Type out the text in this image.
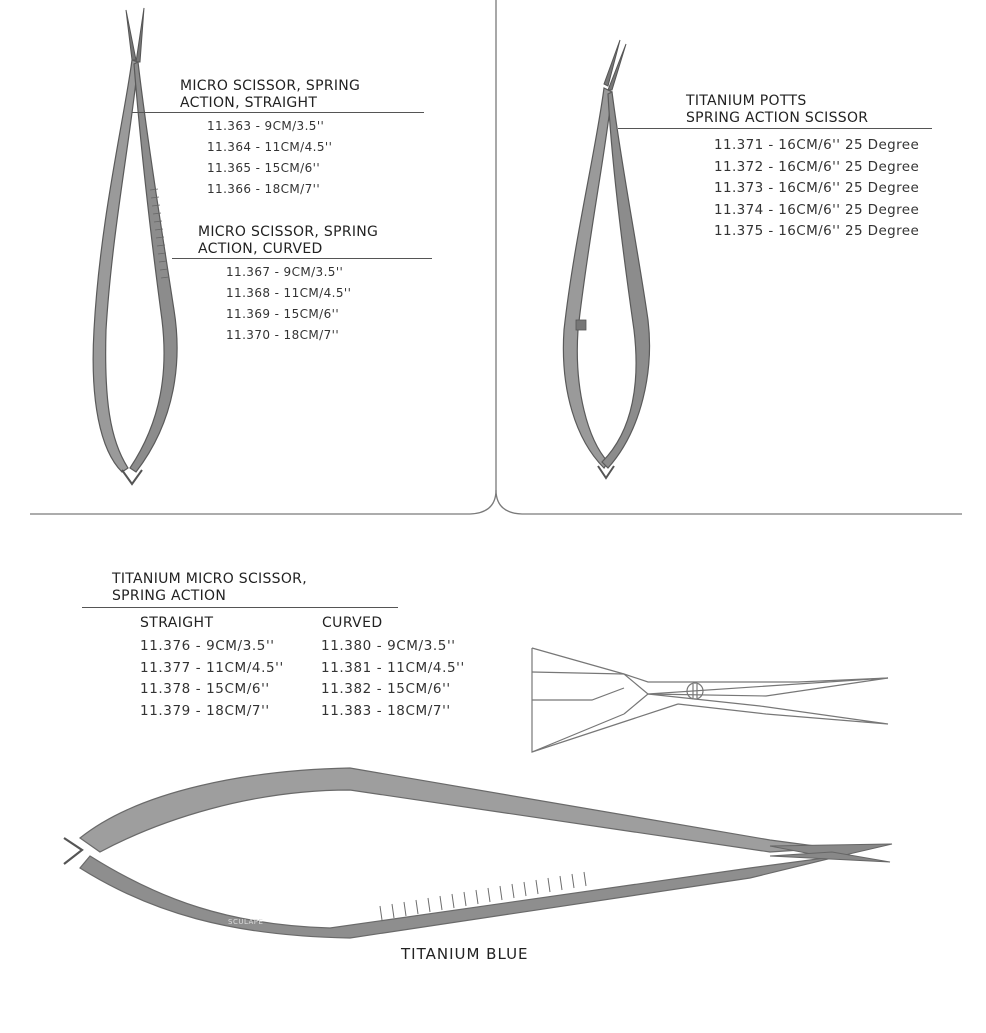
MICRO SCISSOR, SPRING
ACTION, STRAIGHT
11.363 - 9CM/3.5''
11.364 - 11CM/4.5''
11.365 - 15CM/6''
11.366 - 18CM/7''
MICRO SCISSOR, SPRING
ACTION, CURVED
11.367 - 9CM/3.5''
11.368 - 11CM/4.5''
11.369 - 15CM/6''
11.370 - 18CM/7''
TITANIUM POTTS
SPRING ACTION SCISSOR
11.371 - 16CM/6'' 25 Degree
11.372 - 16CM/6'' 25 Degree
11.373 - 16CM/6'' 25 Degree
11.374 - 16CM/6'' 25 Degree
11.375 - 16CM/6'' 25 Degree
TITANIUM MICRO SCISSOR,
SPRING ACTION
STRAIGHT
11.376 - 9CM/3.5''
11.377 - 11CM/4.5''
11.378 - 15CM/6''
11.379 - 18CM/7''
CURVED
11.380 - 9CM/3.5''
11.381 - 11CM/4.5''
11.382 - 15CM/6''
11.383 - 18CM/7''
SCULAPE
TITANIUM BLUE
